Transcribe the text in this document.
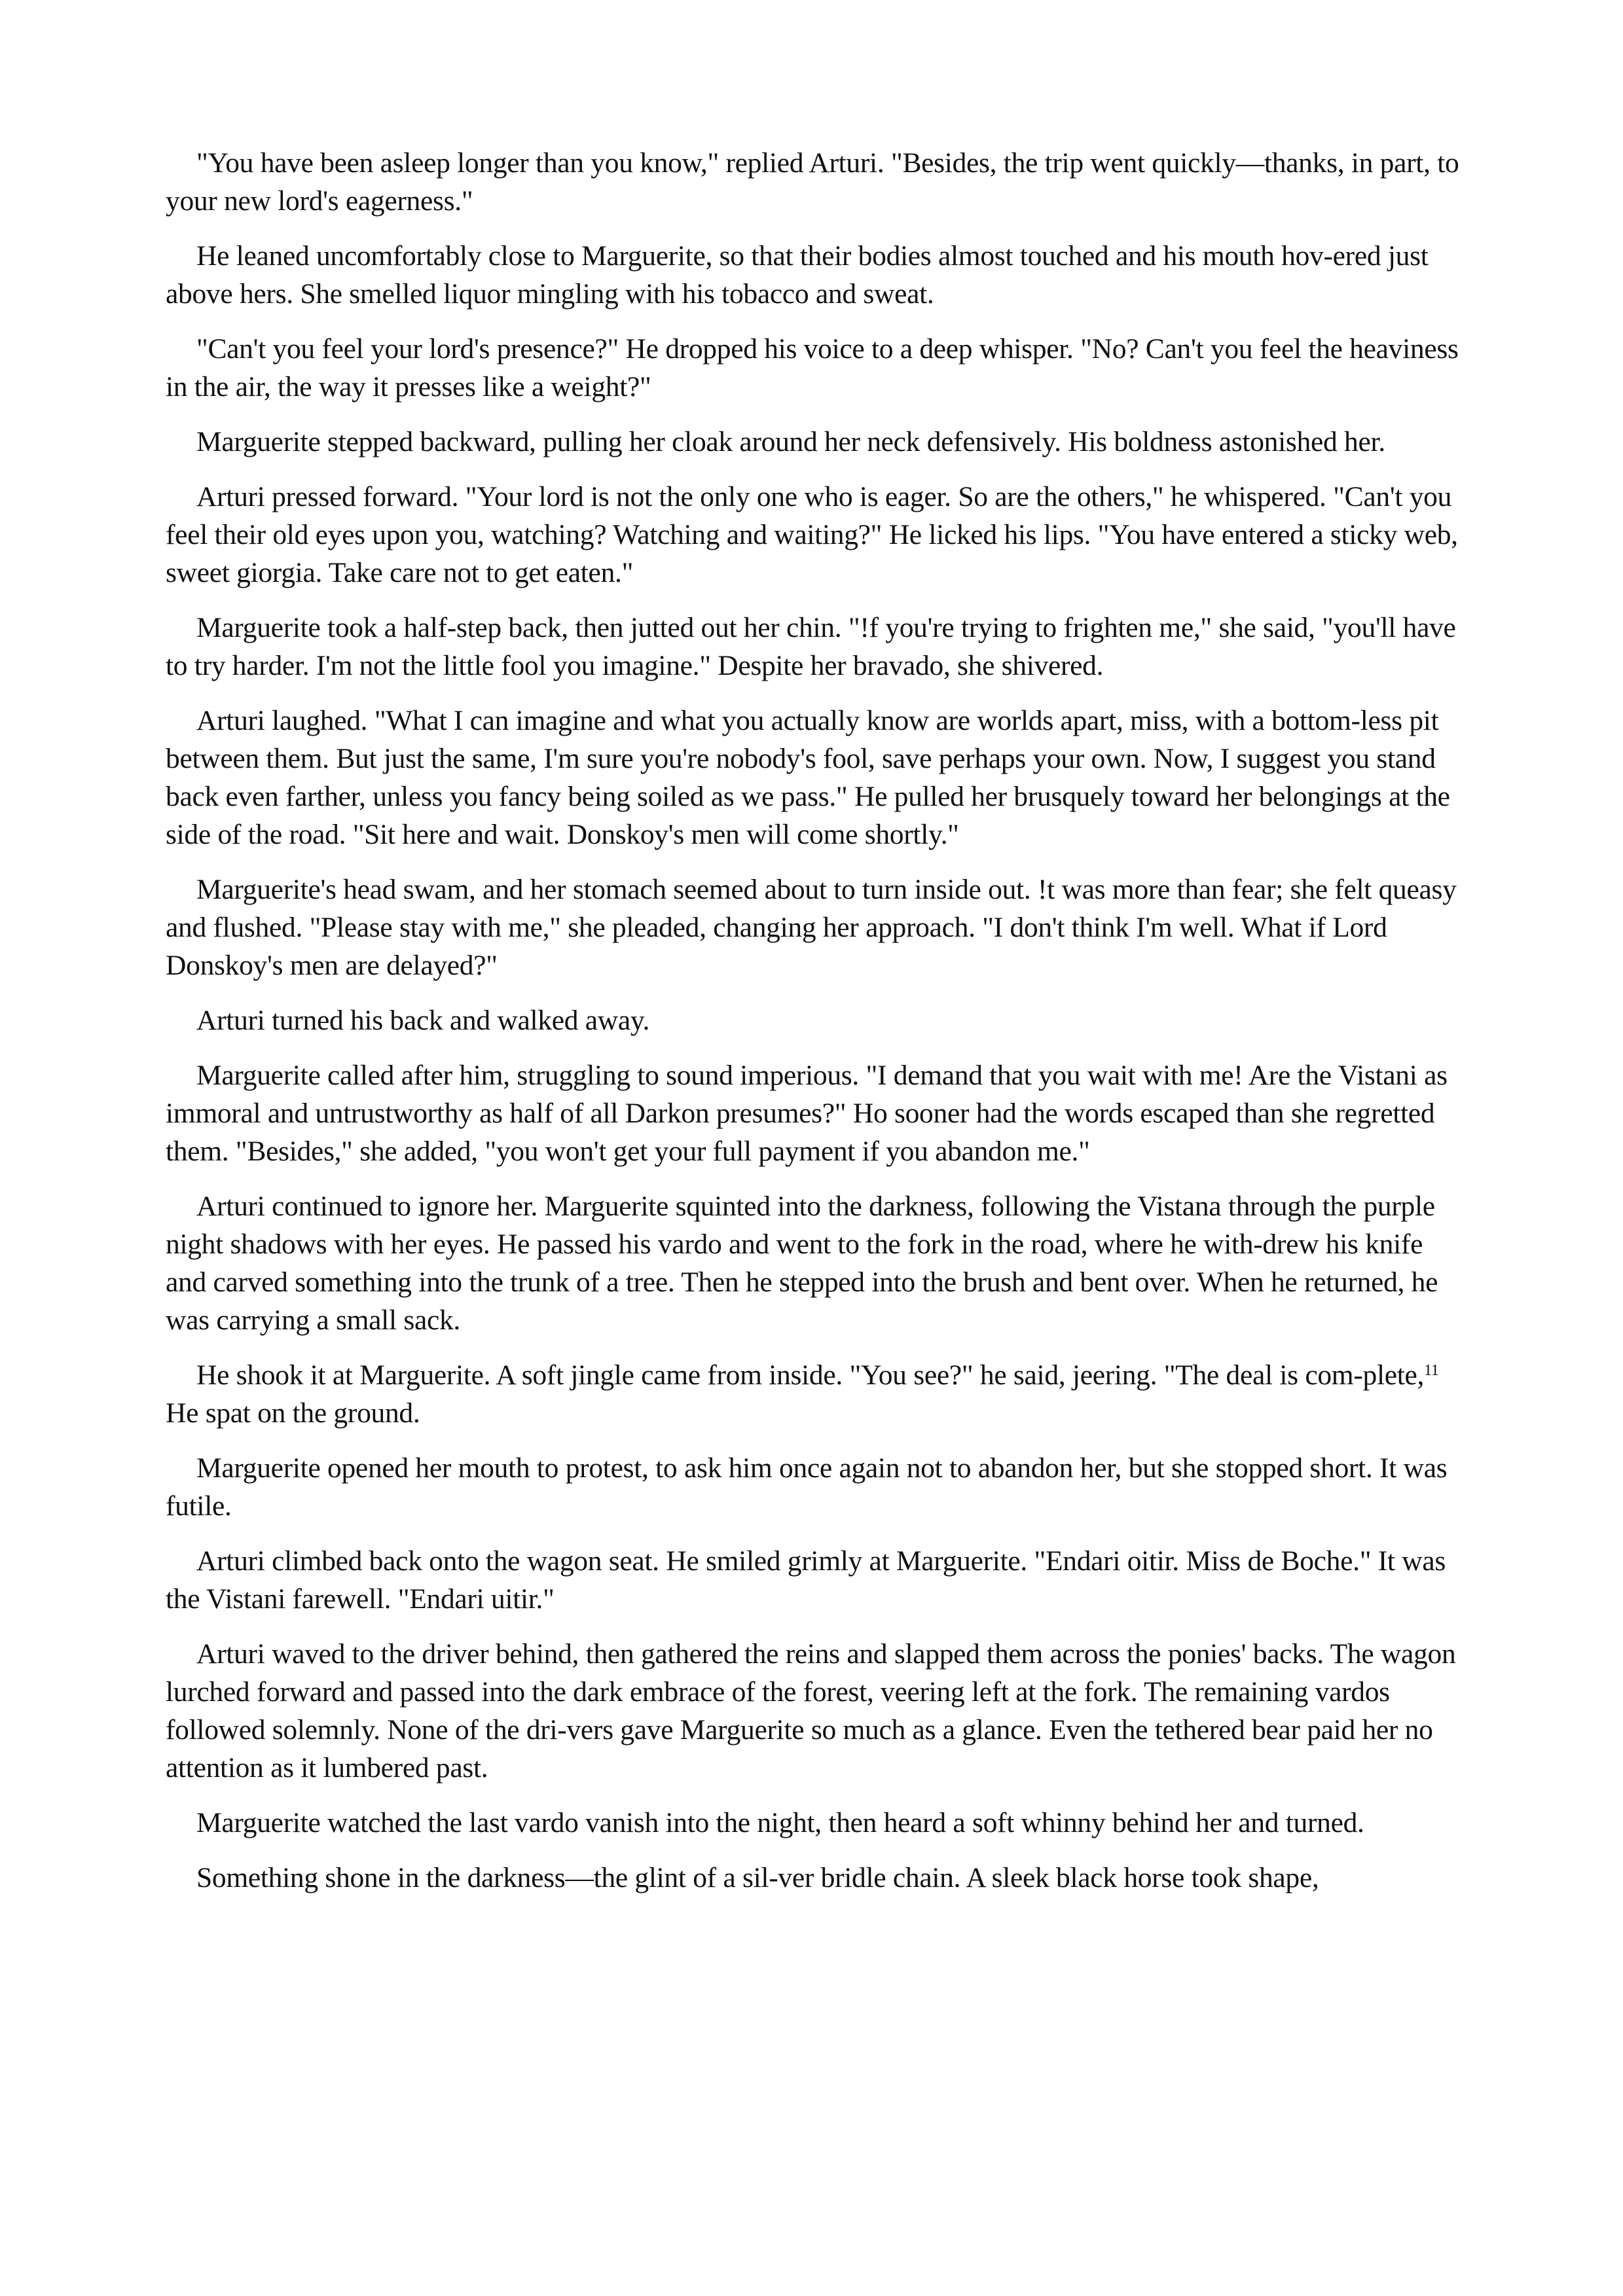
"You have been asleep longer than you know," replied Arturi. "Besides, the trip went quickly—thanks, in part, to your new lord's eagerness."

He leaned uncomfortably close to Marguerite, so that their bodies almost touched and his mouth hov-ered just above hers. She smelled liquor mingling with his tobacco and sweat.

"Can't you feel your lord's presence?" He dropped his voice to a deep whisper. "No? Can't you feel the heaviness in the air, the way it presses like a weight?"

Marguerite stepped backward, pulling her cloak around her neck defensively. His boldness astonished her.

Arturi pressed forward. "Your lord is not the only one who is eager. So are the others," he whispered. "Can't you feel their old eyes upon you, watching? Watching and waiting?" He licked his lips. "You have entered a sticky web, sweet giorgia. Take care not to get eaten."

Marguerite took a half-step back, then jutted out her chin. "!f you're trying to frighten me," she said, "you'll have to try harder. I'm not the little fool you imagine." Despite her bravado, she shivered.

Arturi laughed. "What I can imagine and what you actually know are worlds apart, miss, with a bottom-less pit between them. But just the same, I'm sure you're nobody's fool, save perhaps your own. Now, I suggest you stand back even farther, unless you fancy being soiled as we pass." He pulled her brusquely toward her belongings at the side of the road. "Sit here and wait. Donskoy's men will come shortly."

Marguerite's head swam, and her stomach seemed about to turn inside out. !t was more than fear; she felt queasy and flushed. "Please stay with me," she pleaded, changing her approach. "I don't think I'm well. What if Lord Donskoy's men are delayed?"

Arturi turned his back and walked away.

Marguerite called after him, struggling to sound imperious. "I demand that you wait with me! Are the Vistani as immoral and untrustworthy as half of all Darkon presumes?" Ho sooner had the words escaped than she regretted them. "Besides," she added, "you won't get your full payment if you abandon me."

Arturi continued to ignore her. Marguerite squinted into the darkness, following the Vistana through the purple night shadows with her eyes. He passed his vardo and went to the fork in the road, where he with-drew his knife and carved something into the trunk of a tree. Then he stepped into the brush and bent over. When he returned, he was carrying a small sack.

He shook it at Marguerite. A soft jingle came from inside. "You see?" he said, jeering. "The deal is com-plete,$^{11}$ He spat on the ground.

Marguerite opened her mouth to protest, to ask him once again not to abandon her, but she stopped short. It was futile.

Arturi climbed back onto the wagon seat. He smiled grimly at Marguerite. "Endari oitir. Miss de Boche." It was the Vistani farewell. "Endari uitir."

Arturi waved to the driver behind, then gathered the reins and slapped them across the ponies' backs. The wagon lurched forward and passed into the dark embrace of the forest, veering left at the fork. The remaining vardos followed solemnly. None of the dri-vers gave Marguerite so much as a glance. Even the tethered bear paid her no attention as it lumbered past.

Marguerite watched the last vardo vanish into the night, then heard a soft whinny behind her and turned.

Something shone in the darkness—the glint of a sil-ver bridle chain. A sleek black horse took shape,
